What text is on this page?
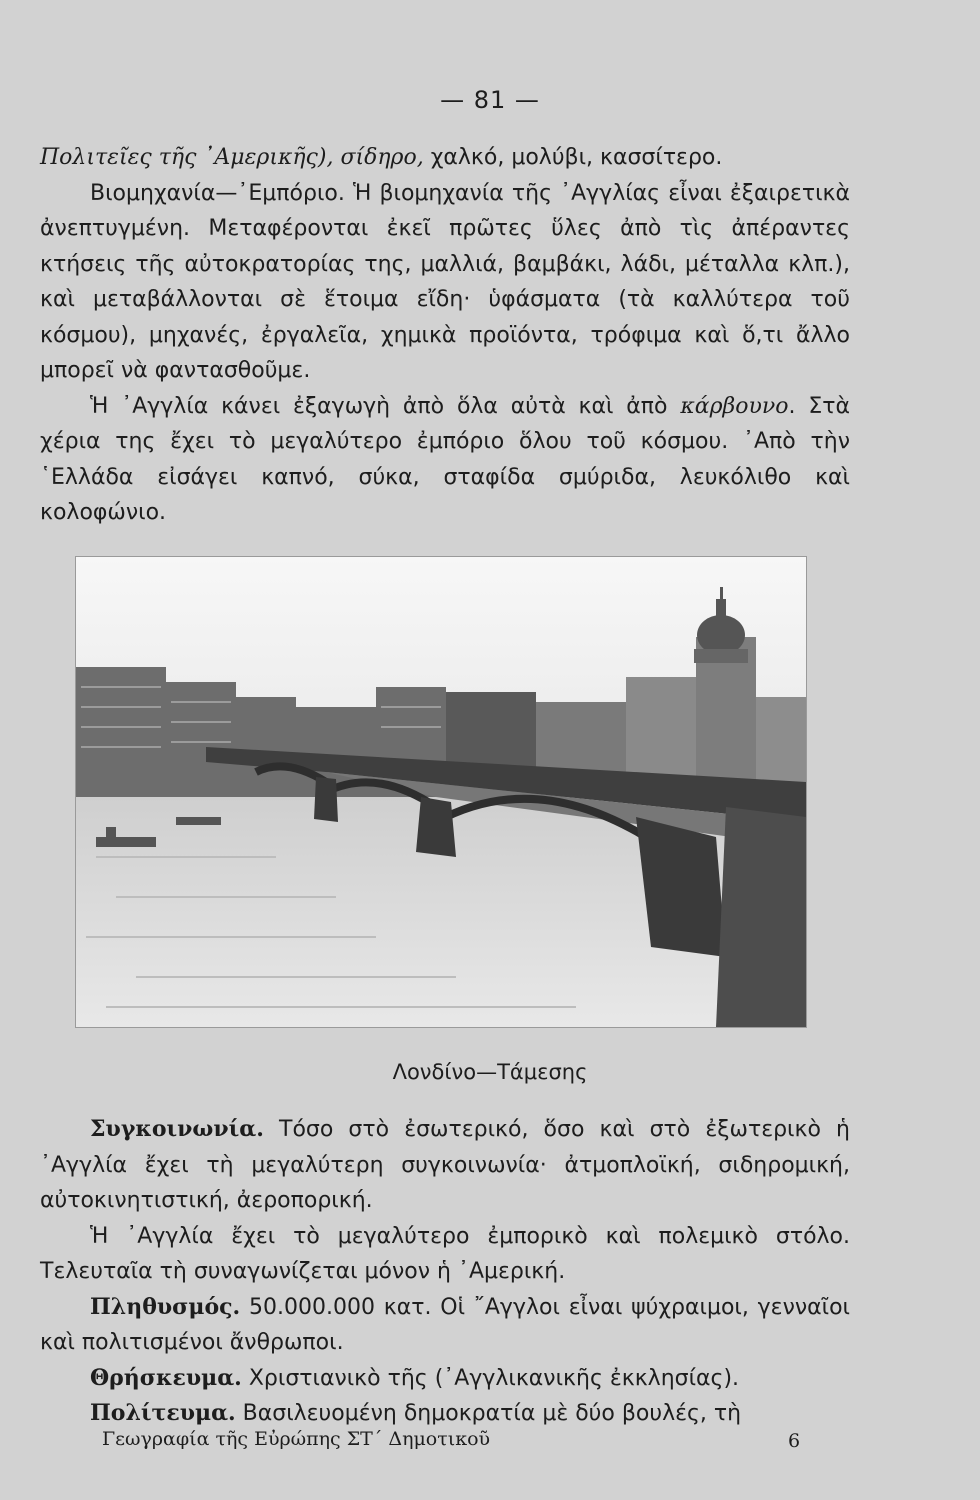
— 81 —

Πολιτεῖες τῆς ᾿Αμερικῆς), σίδηρο, χαλκό, μολύβι, κασσίτερο.

Βιομηχανία—᾿Εμπόριο. Ἡ βιομηχανία τῆς ᾿Αγγλίας εἶναι ἐξαιρετικὰ ἀνεπτυγμένη. Μεταφέρονται ἐκεῖ πρῶτες ὕλες ἀπὸ τὶς ἀπέραντες κτήσεις τῆς αὐτοκρατορίας της, μαλλιά, βαμβάκι, λάδι, μέταλλα κλπ.), καὶ μεταβάλλονται σὲ ἕτοιμα εἴδη· ὑφάσματα (τὰ καλλύτερα τοῦ κόσμου), μηχανές, ἐργαλεῖα, χημικὰ προϊόντα, τρόφιμα καὶ ὅ,τι ἄλλο μπορεῖ νὰ φαντασθοῦμε.

Ἡ ᾿Αγγλία κάνει ἐξαγωγὴ ἀπὸ ὅλα αὐτὰ καὶ ἀπὸ κάρβουνο. Στὰ χέρια της ἔχει τὸ μεγαλύτερο ἐμπόριο ὅλου τοῦ κόσμου. ᾿Απὸ τὴν ῾Ελλάδα εἰσάγει καπνό, σύκα, σταφίδα σμύριδα, λευκόλιθο καὶ κολοφώνιο.

Λονδίνο—Τάμεσης

Συγκοινωνία. Τόσο στὸ ἐσωτερικό, ὅσο καὶ στὸ ἐξωτερικὸ ἡ ᾿Αγγλία ἔχει τὴ μεγαλύτερη συγκοινωνία· ἀτμοπλοϊκή, σιδηρομική, αὐτοκινητιστική, ἀεροπορική.

Ἡ ᾿Αγγλία ἔχει τὸ μεγαλύτερο ἐμπορικὸ καὶ πολεμικὸ στόλο. Τελευταῖα τὴ συναγωνίζεται μόνον ἡ ᾿Αμερική.

Πληθυσμός. 50.000.000 κατ. Οἱ ῎Αγγλοι εἶναι ψύχραιμοι, γενναῖοι καὶ πολιτισμένοι ἄνθρωποι.

Θρήσκευμα. Χριστιανικὸ τῆς (᾿Αγγλικανικῆς ἐκκλησίας).

Πολίτευμα. Βασιλευομένη δημοκρατία μὲ δύο βουλές, τὴ

Γεωγραφία τῆς Εὐρώπης ΣΤ΄ Δημοτικοῦ	6
